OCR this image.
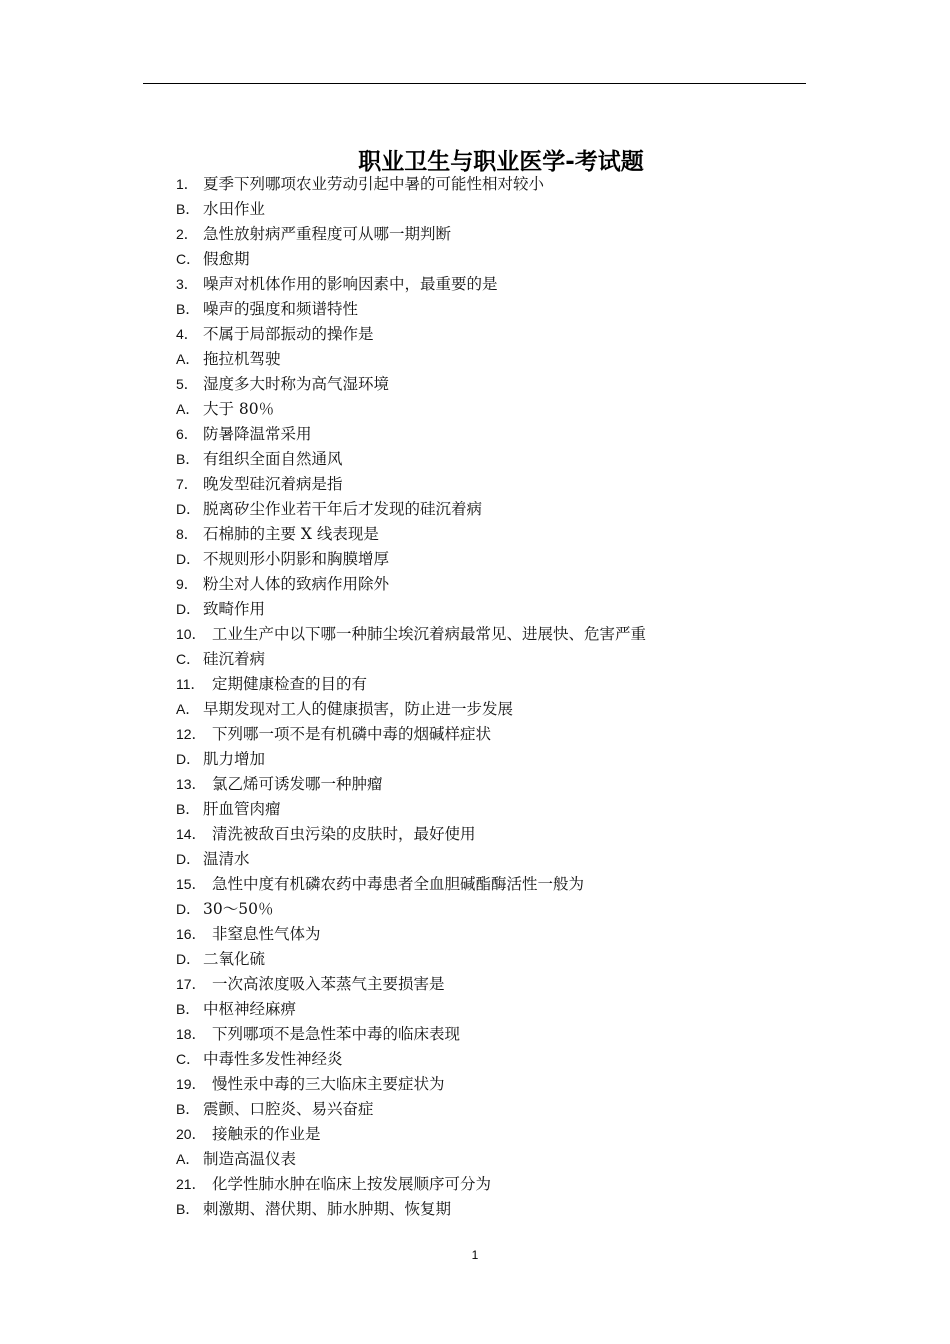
职业卫生与职业医学-考试题
1． 夏季下列哪项农业劳动引起中暑的可能性相对较小
B． 水田作业
2． 急性放射病严重程度可从哪一期判断
C． 假愈期
3． 噪声对机体作用的影响因素中，最重要的是
B． 噪声的强度和频谱特性
4． 不属于局部振动的操作是
A． 拖拉机驾驶
5． 湿度多大时称为高气湿环境
A． 大于 80％
6． 防暑降温常采用
B． 有组织全面自然通风
7． 晚发型硅沉着病是指
D． 脱离矽尘作业若干年后才发现的硅沉着病
8． 石棉肺的主要 X 线表现是
D． 不规则形小阴影和胸膜增厚
9． 粉尘对人体的致病作用除外
D． 致畸作用
10． 工业生产中以下哪一种肺尘埃沉着病最常见、进展快、危害严重
C． 硅沉着病
11． 定期健康检查的目的有
A． 早期发现对工人的健康损害，防止进一步发展
12． 下列哪一项不是有机磷中毒的烟碱样症状
D． 肌力增加
13． 氯乙烯可诱发哪一种肿瘤
B． 肝血管肉瘤
14． 清洗被敌百虫污染的皮肤时，最好使用
D． 温清水
15． 急性中度有机磷农药中毒患者全血胆碱酯酶活性一般为
D． 30～50％
16． 非窒息性气体为
D． 二氧化硫
17． 一次高浓度吸入苯蒸气主要损害是
B． 中枢神经麻痹
18． 下列哪项不是急性苯中毒的临床表现
C． 中毒性多发性神经炎
19． 慢性汞中毒的三大临床主要症状为
B． 震颤、口腔炎、易兴奋症
20． 接触汞的作业是
A． 制造高温仪表
21． 化学性肺水肿在临床上按发展顺序可分为
B． 刺激期、潜伏期、肺水肿期、恢复期
1
